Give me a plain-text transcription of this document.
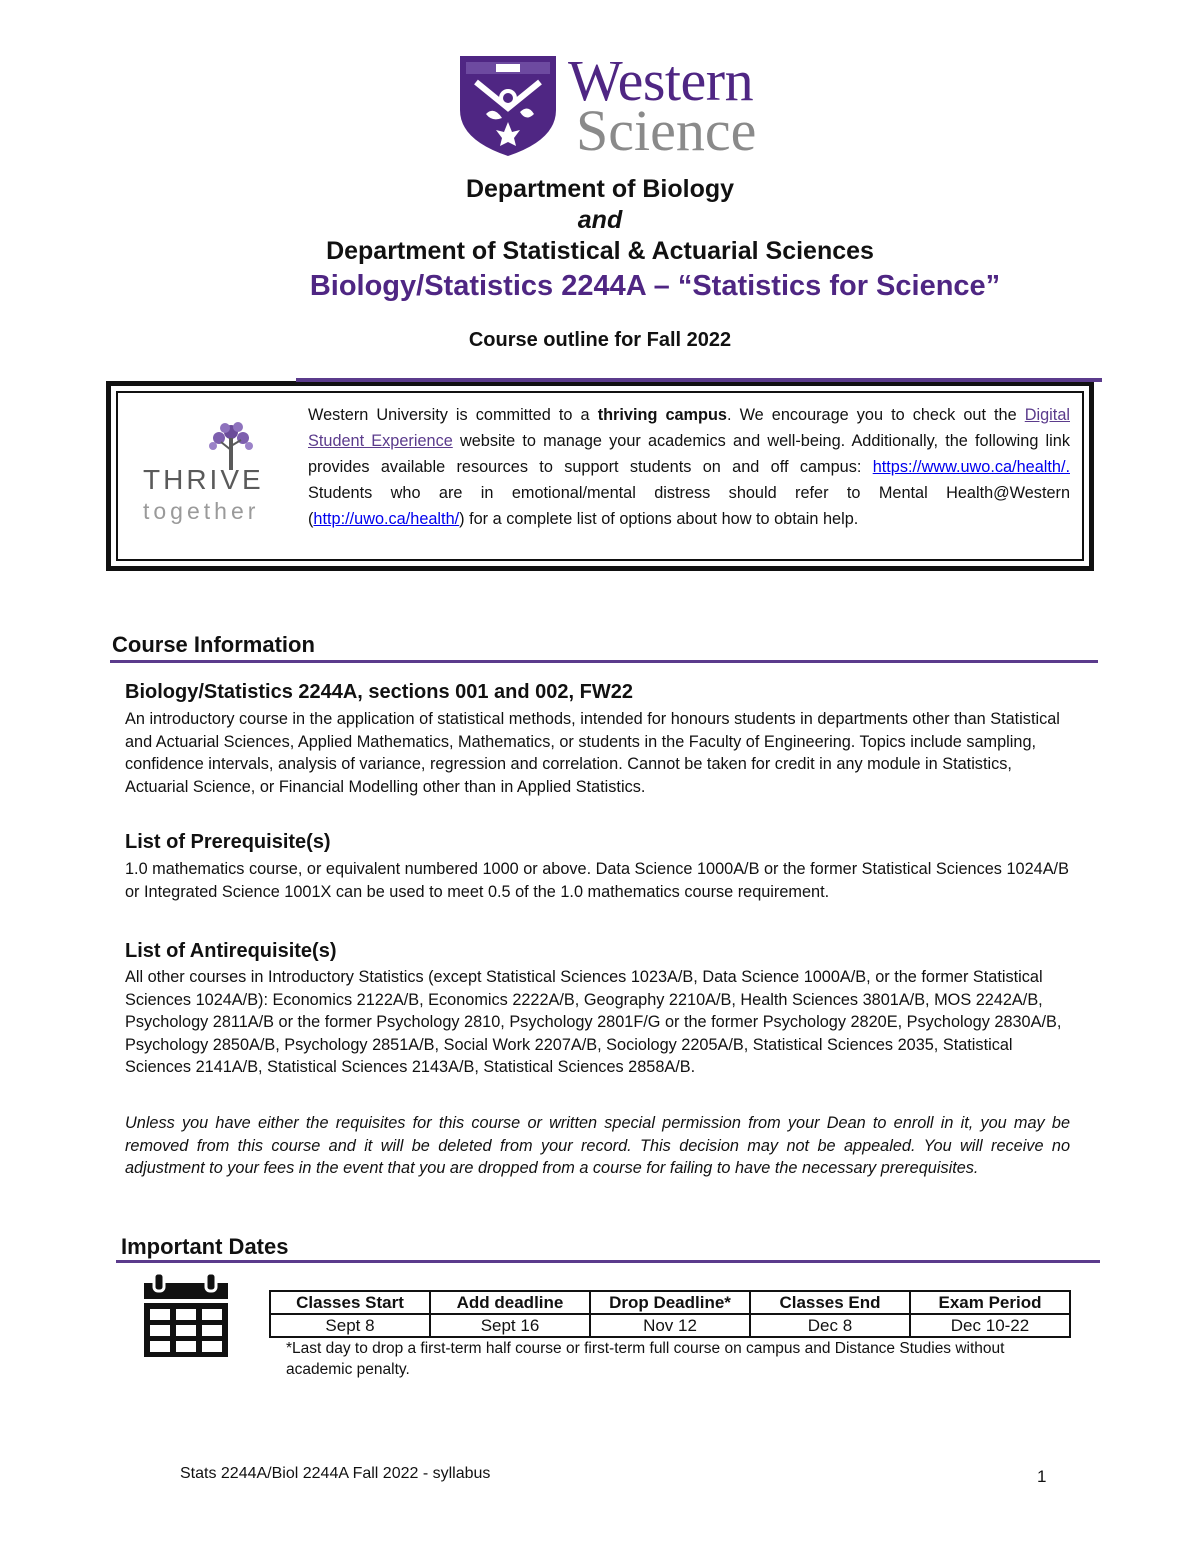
Western
Science
Department of Biology
and
Department of Statistical & Actuarial Sciences
Biology/Statistics 2244A – “Statistics for Science”
Course outline for Fall 2022
THRIVE
together
Western University is committed to a thriving campus. We encourage you to check out the Digital Student Experience website to manage your academics and well-being. Additionally, the following link provides available resources to support students on and off campus: https://www.uwo.ca/health/. Students who are in emotional/mental distress should refer to Mental Health@Western (http://uwo.ca/health/) for a complete list of options about how to obtain help.
Course Information
Biology/Statistics 2244A, sections 001 and 002, FW22
An introductory course in the application of statistical methods, intended for honours students in departments other than Statistical and Actuarial Sciences, Applied Mathematics, Mathematics, or students in the Faculty of Engineering. Topics include sampling, confidence intervals, analysis of variance, regression and correlation. Cannot be taken for credit in any module in Statistics, Actuarial Science, or Financial Modelling other than in Applied Statistics.
List of Prerequisite(s)
1.0 mathematics course, or equivalent numbered 1000 or above. Data Science 1000A/B or the former Statistical Sciences 1024A/B or Integrated Science 1001X can be used to meet 0.5 of the 1.0 mathematics course requirement.
List of Antirequisite(s)
All other courses in Introductory Statistics (except Statistical Sciences 1023A/B, Data Science 1000A/B, or the former Statistical Sciences 1024A/B): Economics 2122A/B, Economics 2222A/B, Geography 2210A/B, Health Sciences 3801A/B, MOS 2242A/B, Psychology 2811A/B or the former Psychology 2810, Psychology 2801F/G or the former Psychology 2820E, Psychology 2830A/B, Psychology 2850A/B, Psychology 2851A/B, Social Work 2207A/B, Sociology 2205A/B, Statistical Sciences 2035, Statistical Sciences 2141A/B, Statistical Sciences 2143A/B, Statistical Sciences 2858A/B.
Unless you have either the requisites for this course or written special permission from your Dean to enroll in it, you may be removed from this course and it will be deleted from your record. This decision may not be appealed. You will receive no adjustment to your fees in the event that you are dropped from a course for failing to have the necessary prerequisites.
Important Dates
Classes Start	Add deadline	Drop Deadline*	Classes End	Exam Period
Sept 8	Sept 16	Nov 12	Dec 8	Dec 10-22
*Last day to drop a first-term half course or first-term full course on campus and Distance Studies without academic penalty.
Stats 2244A/Biol 2244A Fall 2022 - syllabus	1
